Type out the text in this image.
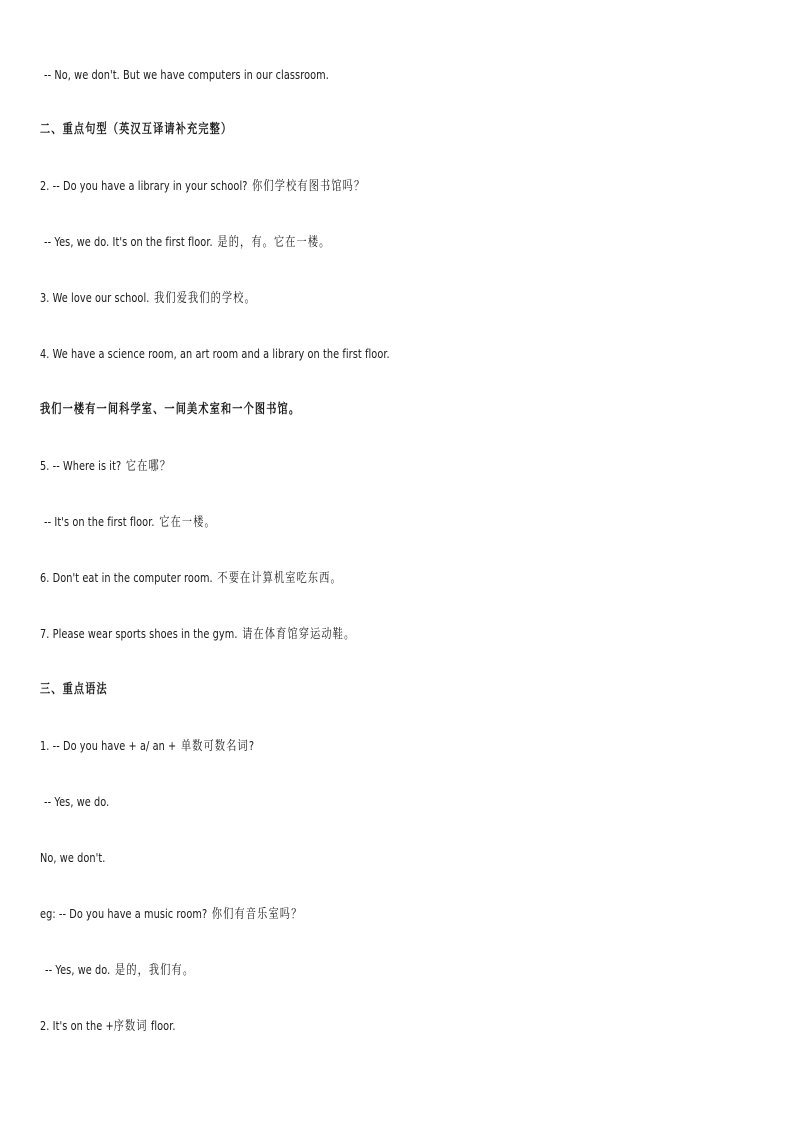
-- No, we don't. But we have computers in our classroom.
二、重点句型（英汉互译请补充完整）
2. -- Do you have a library in your school? 你们学校有图书馆吗？
-- Yes, we do. It's on the first floor. 是的，有。它在一楼。
3. We love our school. 我们爱我们的学校。
4. We have a science room, an art room and a library on the first floor.
我们一楼有一间科学室、一间美术室和一个图书馆。
5. -- Where is it? 它在哪？
-- It's on the first floor. 它在一楼。
6. Don't eat in the computer room. 不要在计算机室吃东西。
7. Please wear sports shoes in the gym. 请在体育馆穿运动鞋。
三、重点语法
1. -- Do you have + a/ an + 单数可数名词?
-- Yes, we do.
No, we don't.
eg: -- Do you have a music room? 你们有音乐室吗？
-- Yes, we do. 是的，我们有。
2. It's on the +序数词 floor.
